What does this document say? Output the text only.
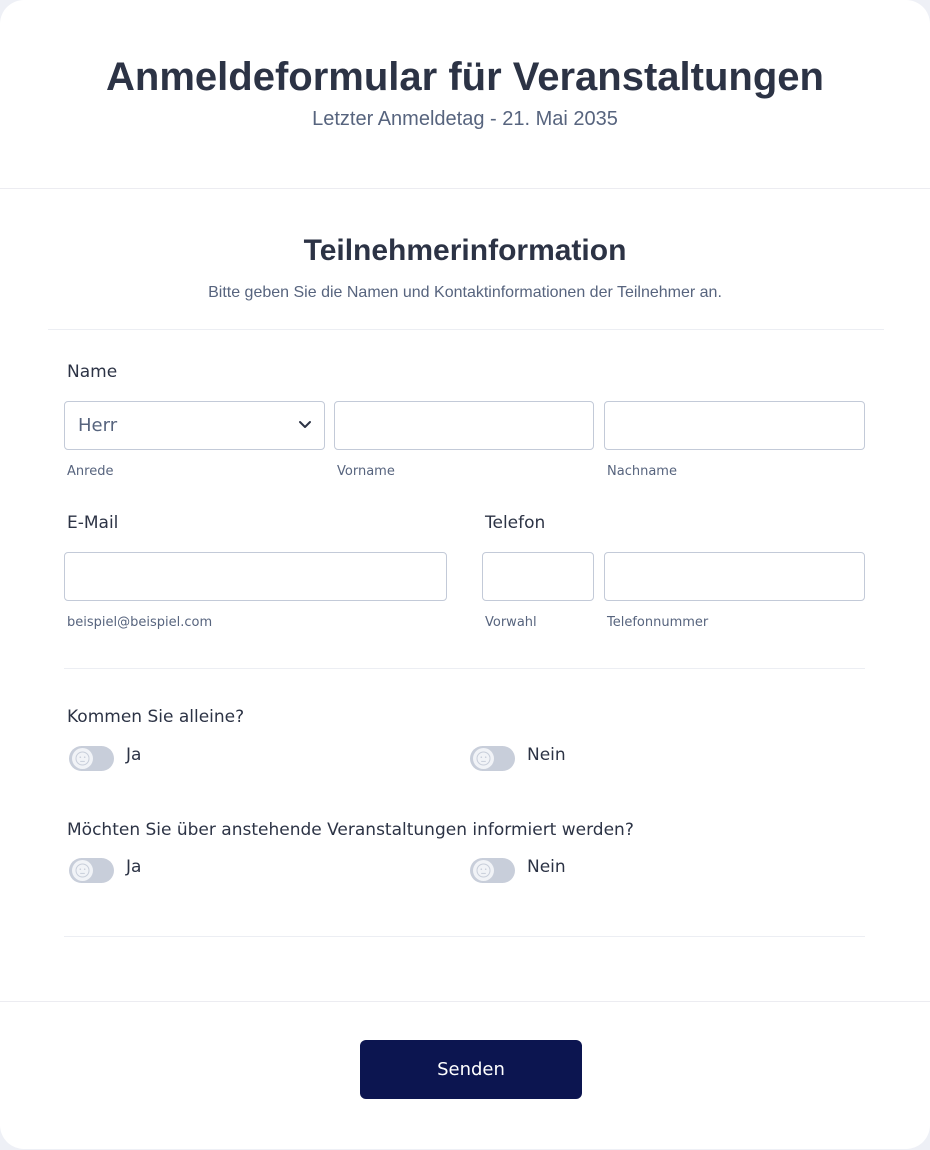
Anmeldeformular für Veranstaltungen
Letzter Anmeldetag - 21. Mai 2035
Teilnehmerinformation
Bitte geben Sie die Namen und Kontaktinformationen der Teilnehmer an.
Name
Herr
Anrede	Vorname	Nachname
E-Mail
beispiel@beispiel.com
Telefon
Vorwahl	Telefonnummer
Kommen Sie alleine?
Ja	Nein
Möchten Sie über anstehende Veranstaltungen informiert werden?
Ja	Nein
Senden
